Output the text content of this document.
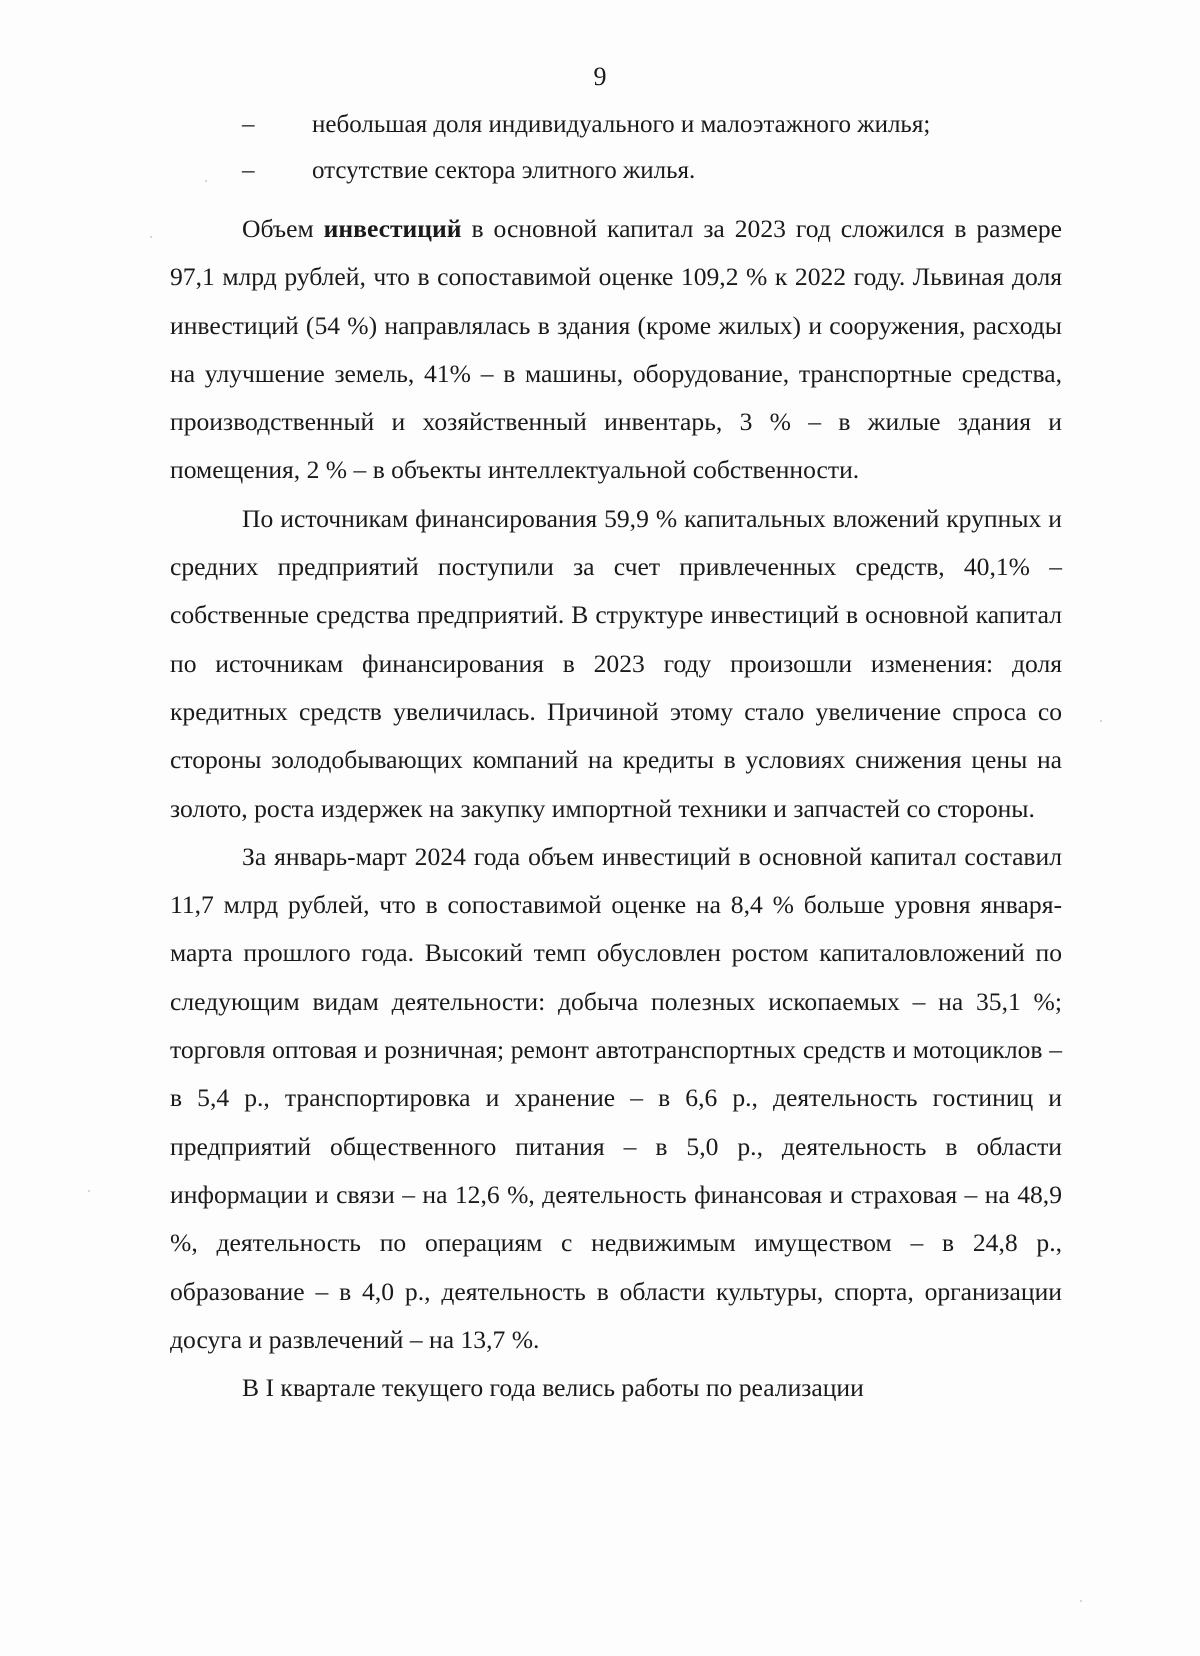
9
– небольшая доля индивидуального и малоэтажного жилья;
– отсутствие сектора элитного жилья.

Объем инвестиций в основной капитал за 2023 год сложился в размере 97,1 млрд рублей, что в сопоставимой оценке 109,2 % к 2022 году. Львиная доля инвестиций (54 %) направлялась в здания (кроме жилых) и сооружения, расходы на улучшение земель, 41% – в машины, оборудование, транспортные средства, производственный и хозяйственный инвентарь, 3 % – в жилые здания и помещения, 2 % – в объекты интеллектуальной собственности.

По источникам финансирования 59,9 % капитальных вложений крупных и средних предприятий поступили за счет привлеченных средств, 40,1% – собственные средства предприятий. В структуре инвестиций в основной капитал по источникам финансирования в 2023 году произошли изменения: доля кредитных средств увеличилась. Причиной этому стало увеличение спроса со стороны золодобывающих компаний на кредиты в условиях снижения цены на золото, роста издержек на закупку импортной техники и запчастей со стороны.

За январь-март 2024 года объем инвестиций в основной капитал составил 11,7 млрд рублей, что в сопоставимой оценке на 8,4 % больше уровня января-марта прошлого года. Высокий темп обусловлен ростом капиталовложений по следующим видам деятельности: добыча полезных ископаемых – на 35,1 %; торговля оптовая и розничная; ремонт автотранспортных средств и мотоциклов – в 5,4 р., транспортировка и хранение – в 6,6 р., деятельность гостиниц и предприятий общественного питания – в 5,0 р., деятельность в области информации и связи – на 12,6 %, деятельность финансовая и страховая – на 48,9 %, деятельность по операциям с недвижимым имуществом – в 24,8 р., образование – в 4,0 р., деятельность в области культуры, спорта, организации досуга и развлечений – на 13,7 %.

В I квартале текущего года велись работы по реализации
